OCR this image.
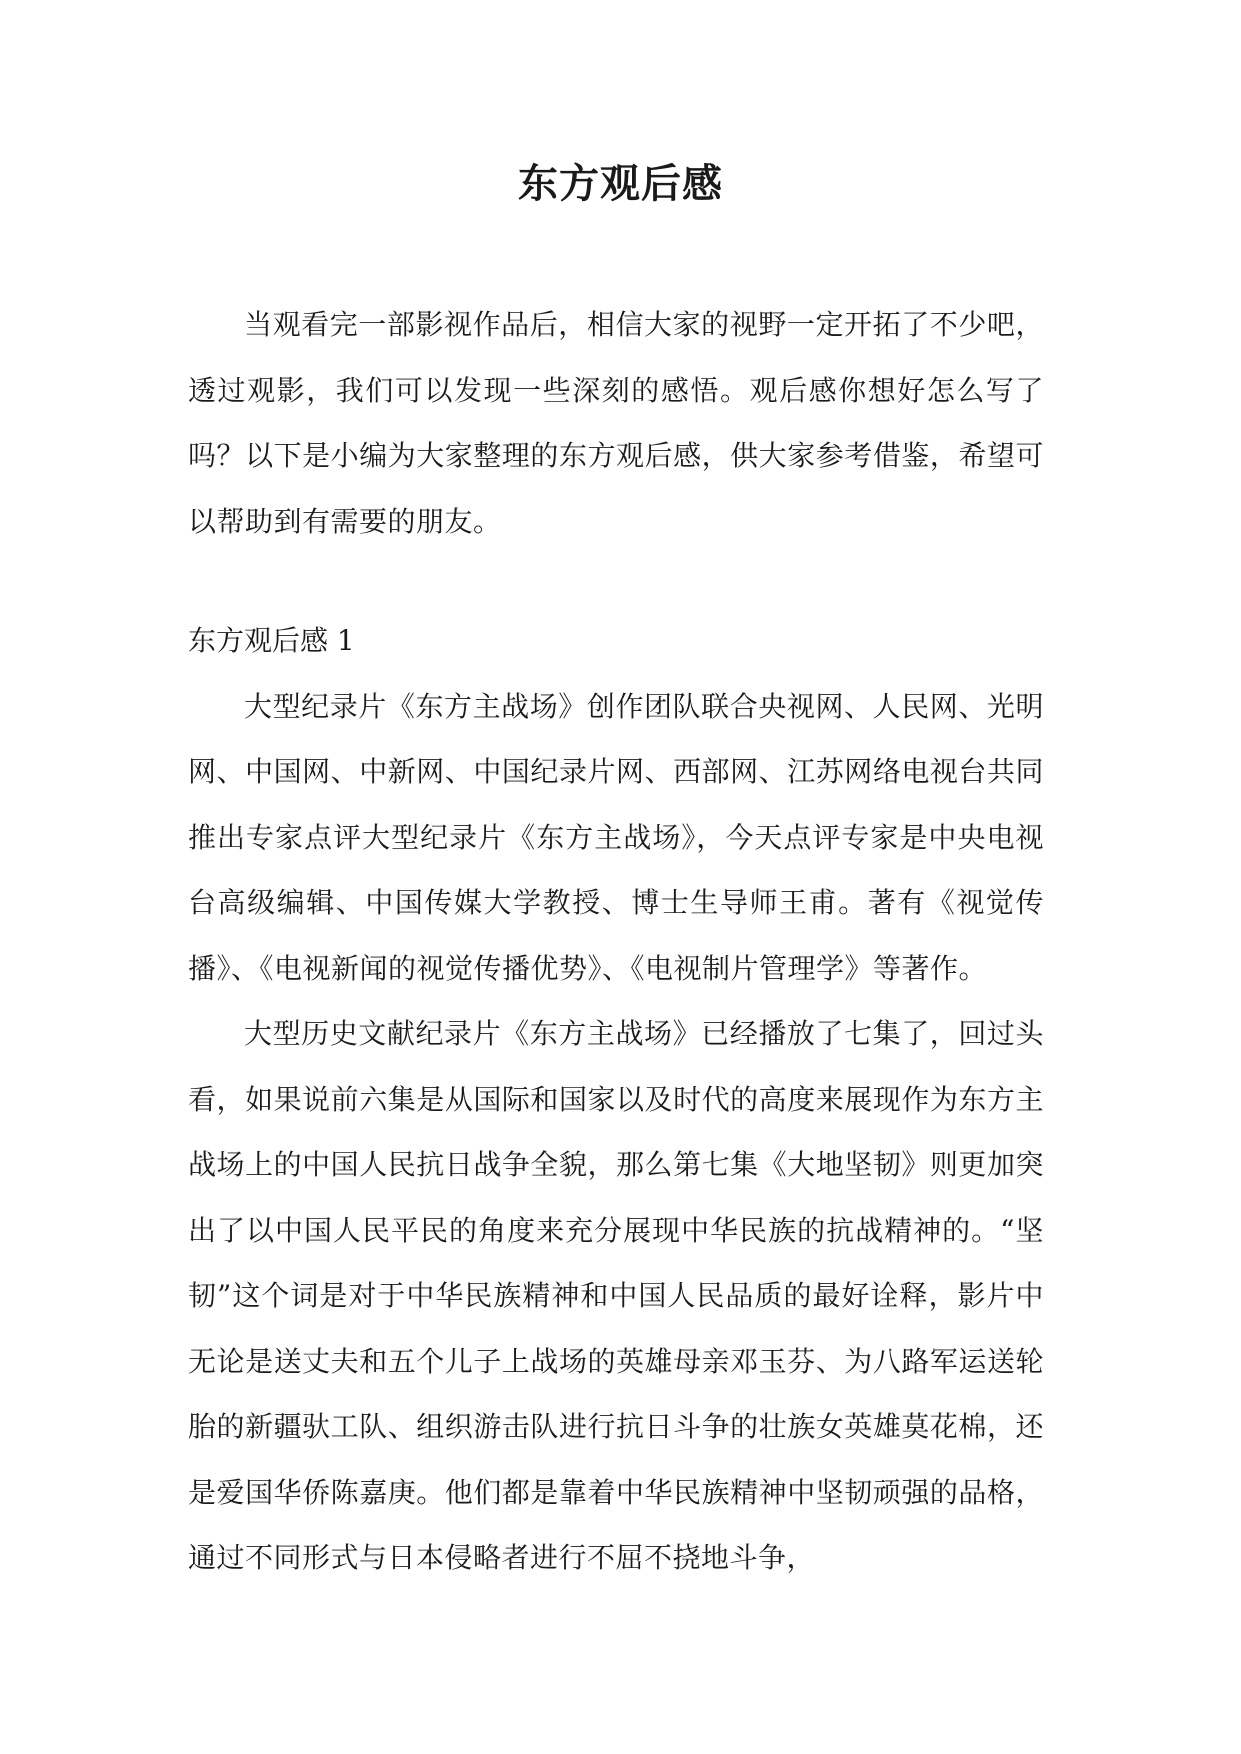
东方观后感

当观看完一部影视作品后，相信大家的视野一定开拓了不少吧，透过观影，我们可以发现一些深刻的感悟。观后感你想好怎么写了吗？以下是小编为大家整理的东方观后感，供大家参考借鉴，希望可以帮助到有需要的朋友。

东方观后感 1

大型纪录片《东方主战场》创作团队联合央视网、人民网、光明网、中国网、中新网、中国纪录片网、西部网、江苏网络电视台共同推出专家点评大型纪录片《东方主战场》，今天点评专家是中央电视台高级编辑、中国传媒大学教授、博士生导师王甫。著有《视觉传播》、《电视新闻的视觉传播优势》、《电视制片管理学》等著作。

大型历史文献纪录片《东方主战场》已经播放了七集了，回过头看，如果说前六集是从国际和国家以及时代的高度来展现作为东方主战场上的中国人民抗日战争全貌，那么第七集《大地坚韧》则更加突出了以中国人民平民的角度来充分展现中华民族的抗战精神的。“坚韧”这个词是对于中华民族精神和中国人民品质的最好诠释，影片中无论是送丈夫和五个儿子上战场的英雄母亲邓玉芬、为八路军运送轮胎的新疆驮工队、组织游击队进行抗日斗争的壮族女英雄莫花棉，还是爱国华侨陈嘉庚。他们都是靠着中华民族精神中坚韧顽强的品格，通过不同形式与日本侵略者进行不屈不挠地斗争，
